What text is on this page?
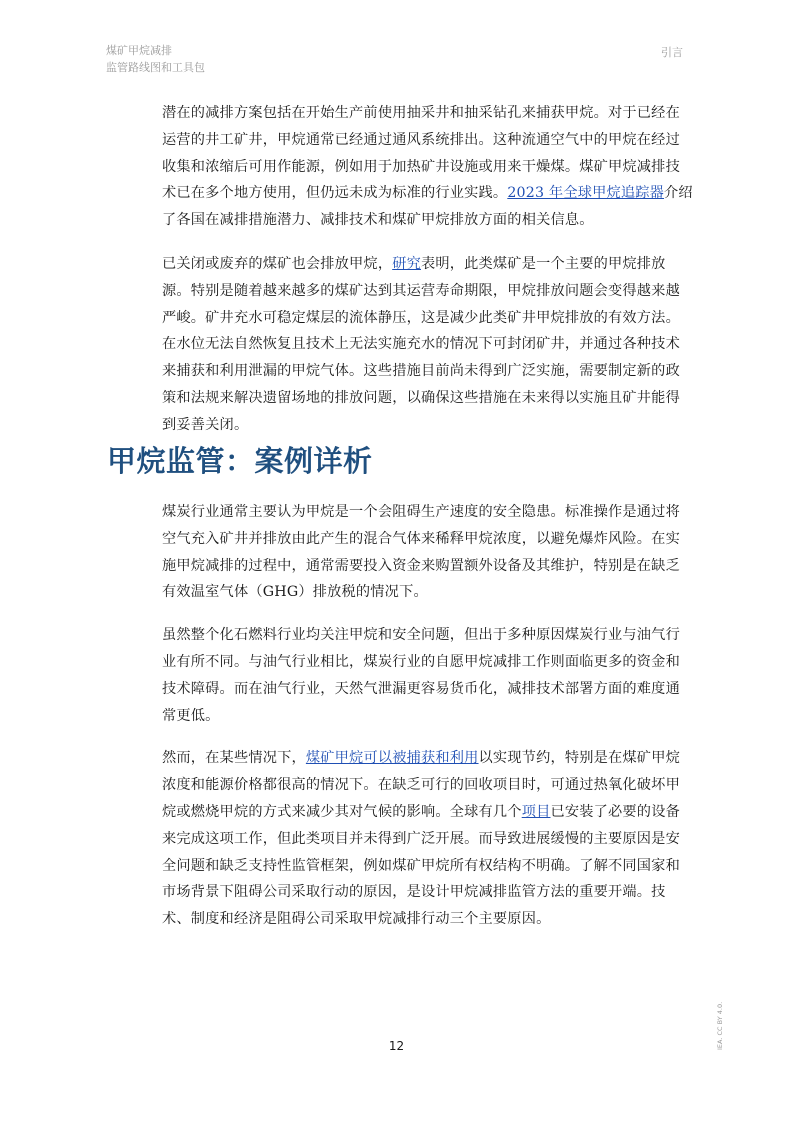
煤矿甲烷减排
监管路线图和工具包
引言

潜在的减排方案包括在开始生产前使用抽采井和抽采钻孔来捕获甲烷。对于已经在运营的井工矿井，甲烷通常已经通过通风系统排出。这种流通空气中的甲烷在经过收集和浓缩后可用作能源，例如用于加热矿井设施或用来干燥煤。煤矿甲烷减排技术已在多个地方使用，但仍远未成为标准的行业实践。2023 年全球甲烷追踪器介绍了各国在减排措施潜力、减排技术和煤矿甲烷排放方面的相关信息。

已关闭或废弃的煤矿也会排放甲烷，研究表明，此类煤矿是一个主要的甲烷排放源。特别是随着越来越多的煤矿达到其运营寿命期限，甲烷排放问题会变得越来越严峻。矿井充水可稳定煤层的流体静压，这是减少此类矿井甲烷排放的有效方法。在水位无法自然恢复且技术上无法实施充水的情况下可封闭矿井，并通过各种技术来捕获和利用泄漏的甲烷气体。这些措施目前尚未得到广泛实施，需要制定新的政策和法规来解决遗留场地的排放问题，以确保这些措施在未来得以实施且矿井能得到妥善关闭。

甲烷监管：案例详析

煤炭行业通常主要认为甲烷是一个会阻碍生产速度的安全隐患。标准操作是通过将空气充入矿井并排放由此产生的混合气体来稀释甲烷浓度，以避免爆炸风险。在实施甲烷减排的过程中，通常需要投入资金来购置额外设备及其维护，特别是在缺乏有效温室气体（GHG）排放税的情况下。

虽然整个化石燃料行业均关注甲烷和安全问题，但出于多种原因煤炭行业与油气行业有所不同。与油气行业相比，煤炭行业的自愿甲烷减排工作则面临更多的资金和技术障碍。而在油气行业，天然气泄漏更容易货币化，减排技术部署方面的难度通常更低。

然而，在某些情况下，煤矿甲烷可以被捕获和利用以实现节约，特别是在煤矿甲烷浓度和能源价格都很高的情况下。在缺乏可行的回收项目时，可通过热氧化破坏甲烷或燃烧甲烷的方式来减少其对气候的影响。全球有几个项目已安装了必要的设备来完成这项工作，但此类项目并未得到广泛开展。而导致进展缓慢的主要原因是安全问题和缺乏支持性监管框架，例如煤矿甲烷所有权结构不明确。了解不同国家和市场背景下阻碍公司采取行动的原因，是设计甲烷减排监管方法的重要开端。技术、制度和经济是阻碍公司采取甲烷减排行动三个主要原因。

12	IEA. CC BY 4.0.
